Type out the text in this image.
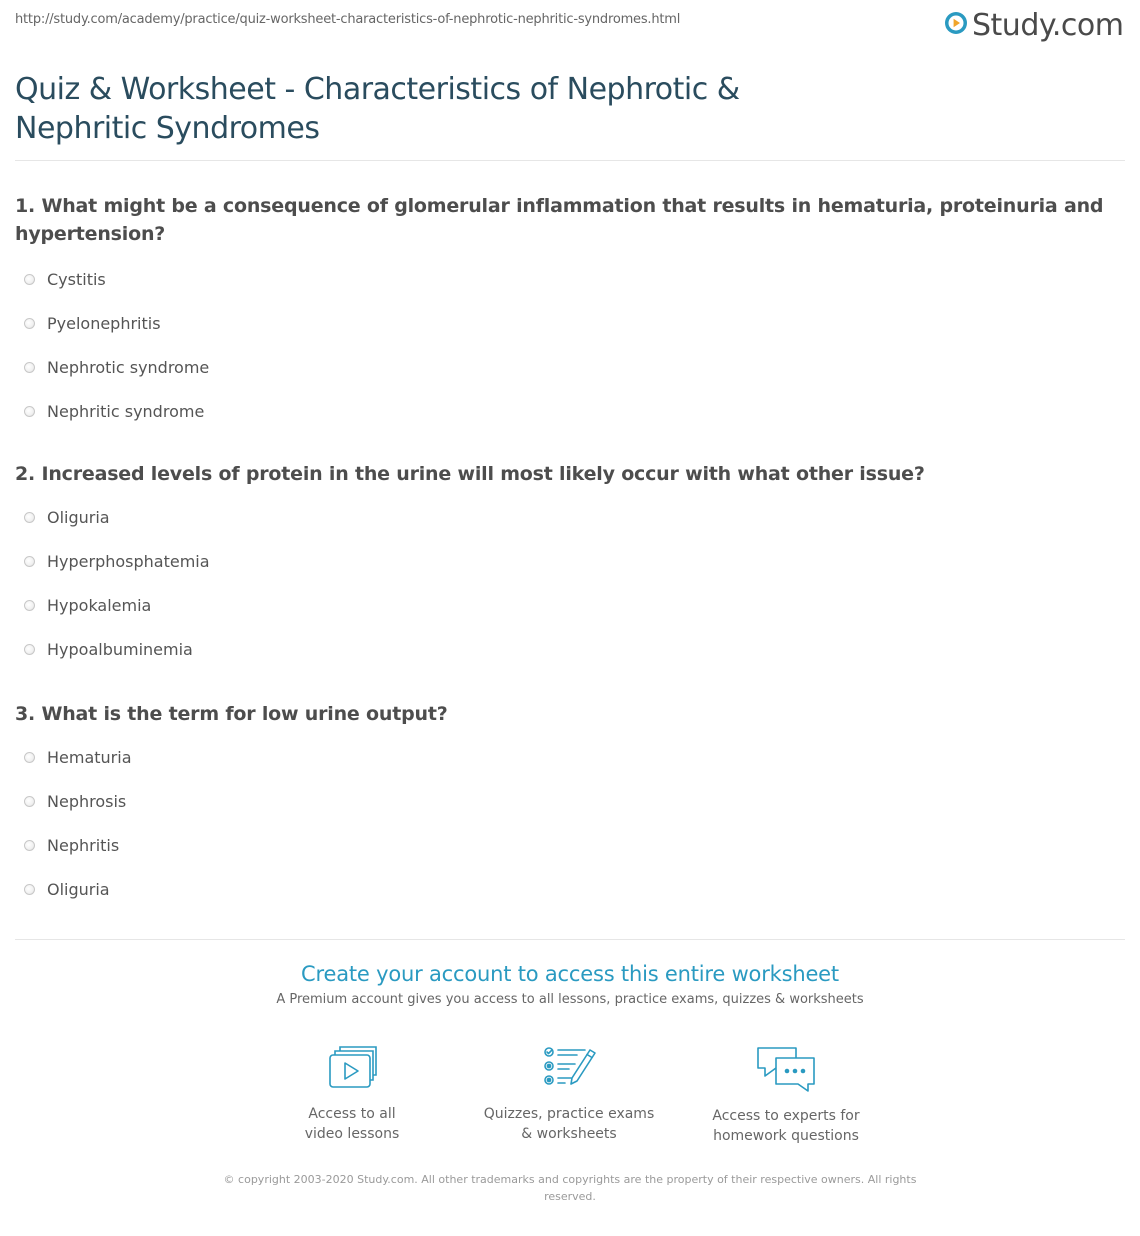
http://study.com/academy/practice/quiz-worksheet-characteristics-of-nephrotic-nephritic-syndromes.html	Study.com
Quiz & Worksheet - Characteristics of Nephrotic &
Nephritic Syndromes
1. What might be a consequence of glomerular inflammation that results in hematuria, proteinuria and hypertension?
Cystitis
Pyelonephritis
Nephrotic syndrome
Nephritic syndrome
2. Increased levels of protein in the urine will most likely occur with what other issue?
Oliguria
Hyperphosphatemia
Hypokalemia
Hypoalbuminemia
3. What is the term for low urine output?
Hematuria
Nephrosis
Nephritis
Oliguria
Create your account to access this entire worksheet
A Premium account gives you access to all lessons, practice exams, quizzes & worksheets
Access to all
video lessons
Quizzes, practice exams
& worksheets
Access to experts for
homework questions
© copyright 2003-2020 Study.com. All other trademarks and copyrights are the property of their respective owners. All rights
reserved.
